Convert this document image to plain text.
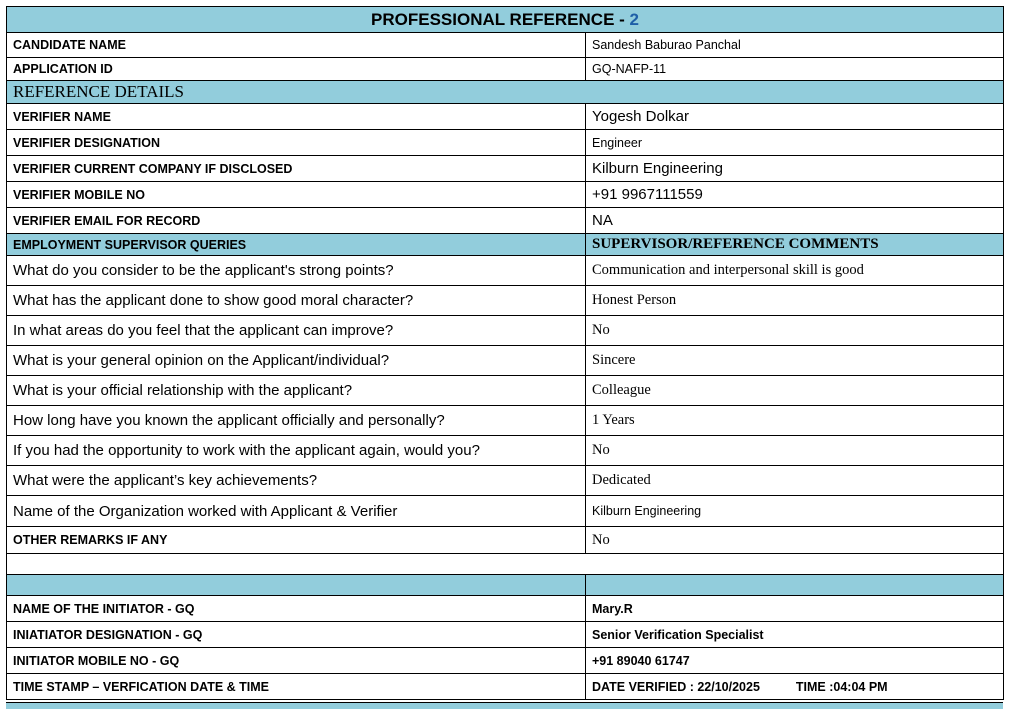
PROFESSIONAL REFERENCE - 2	
CANDIDATE NAME	Sandesh Baburao Panchal
APPLICATION ID	GQ-NAFP-11
REFERENCE DETAILS	
VERIFIER NAME	Yogesh Dolkar
VERIFIER DESIGNATION	Engineer
VERIFIER CURRENT COMPANY IF DISCLOSED	Kilburn Engineering
VERIFIER MOBILE NO	+91 9967111559
VERIFIER EMAIL FOR RECORD	NA
EMPLOYMENT SUPERVISOR QUERIES	SUPERVISOR/REFERENCE COMMENTS
What do you consider to be the applicant's strong points?	Communication and interpersonal skill is good
What has the applicant done to show good moral character?	Honest Person
In what areas do you feel that the applicant can improve?	No
What is your general opinion on the Applicant/individual?	Sincere
What is your official relationship with the applicant?	Colleague
How long have you known the applicant officially and personally?	1 Years
If you had the opportunity to work with the applicant again, would you?	No
What were the applicant’s key achievements?	Dedicated
Name of the Organization worked with Applicant & Verifier	Kilburn Engineering
OTHER REMARKS IF ANY	No

NAME OF THE INITIATOR - GQ	Mary.R
INIATIATOR DESIGNATION - GQ	Senior Verification Specialist
INITIATOR MOBILE NO - GQ	+91 89040 61747
TIME STAMP – VERFICATION DATE & TIME	DATE VERIFIED : 22/10/2025 TIME :04:04 PM
